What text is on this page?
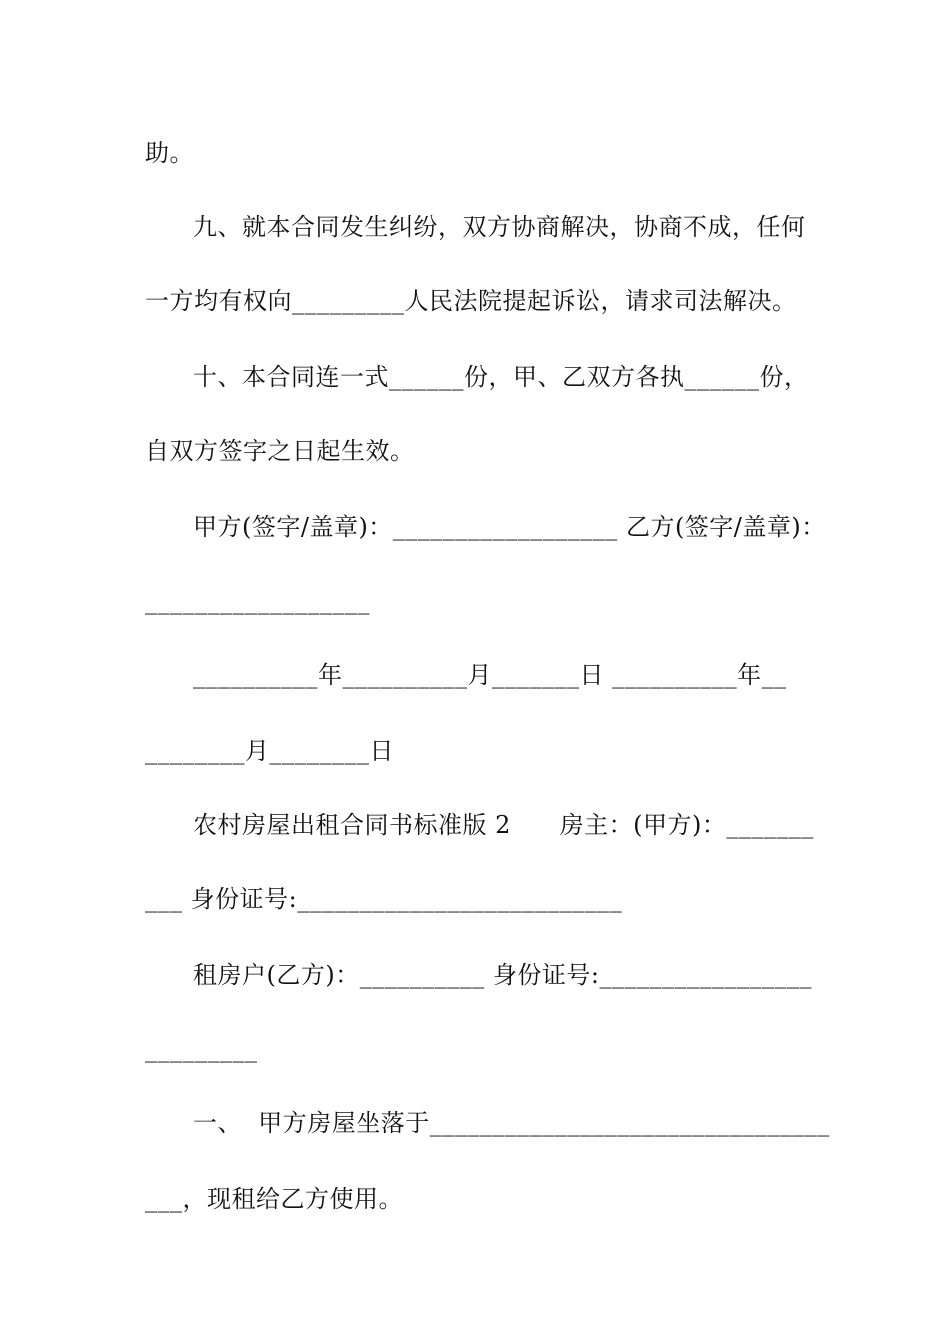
助。
九、就本合同发生纠纷，双方协商解决，协商不成，任何
一方均有权向_________人民法院提起诉讼，请求司法解决。
十、本合同连一式______份，甲、乙双方各执______份，
自双方签字之日起生效。
甲方(签字/盖章)：__________________ 乙方(签字/盖章)：
__________________
__________年__________月_______日 __________年__
________月________日
农村房屋出租合同书标准版 2      房主：(甲方)：_______
___ 身份证号:__________________________
租房户(乙方)：__________ 身份证号:_________________
_________
一、  甲方房屋坐落于________________________________
___，现租给乙方使用。
